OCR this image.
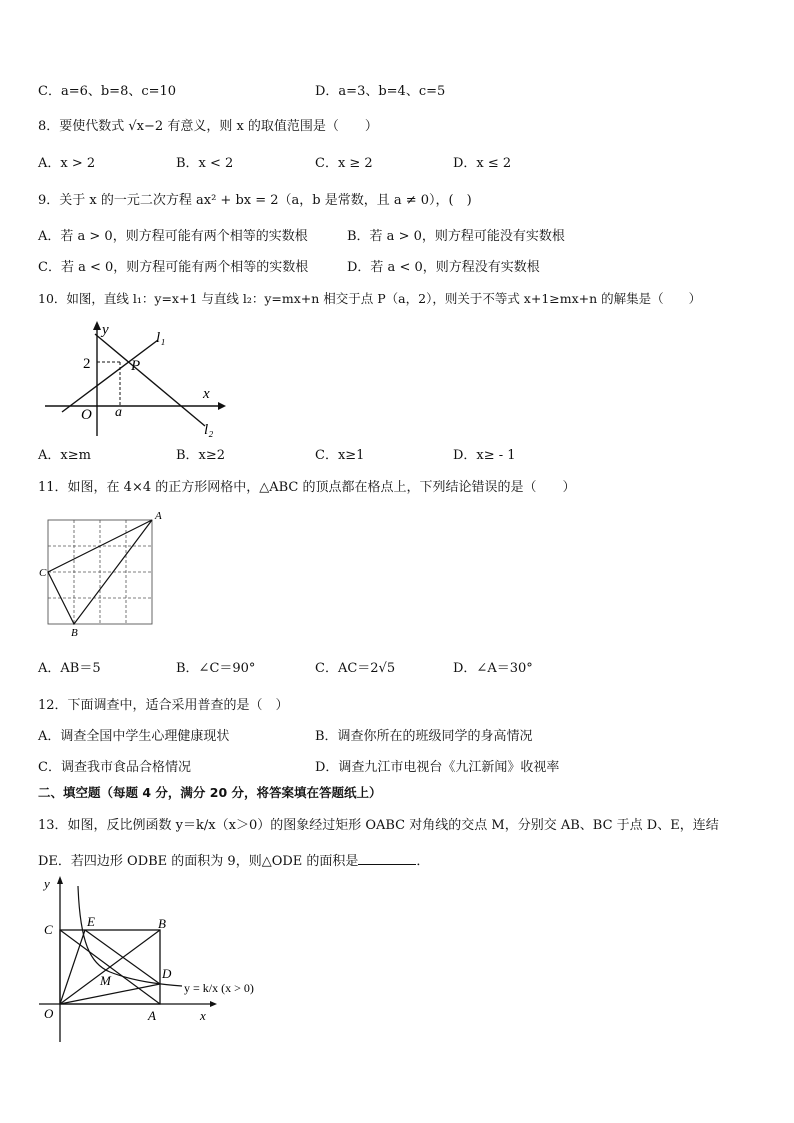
C．a=6、b=8、c=10	D．a=3、b=4、c=5
8．要使代数式 √x−2 有意义，则 x 的取值范围是（　　）
A．x > 2	B．x < 2	C．x ≥ 2	D．x ≤ 2
9．关于 x 的一元二次方程 ax² + bx = 2（a，b 是常数，且 a ≠ 0），(　)
A．若 a > 0，则方程可能有两个相等的实数根	B．若 a > 0，则方程可能没有实数根
C．若 a < 0，则方程可能有两个相等的实数根	D．若 a < 0，则方程没有实数根
10．如图，直线 l₁：y=x+1 与直线 l₂：y=mx+n 相交于点 P（a，2），则关于不等式 x+1≥mx+n 的解集是（　　）
y
x
O
2
a
P
l₁
l₂
A．x≥m	B．x≥2	C．x≥1	D．x≥ - 1
11．如图，在 4×4 的正方形网格中，△ABC 的顶点都在格点上，下列结论错误的是（　　）
A
B
C
A．AB＝5	B．∠C＝90°	C．AC＝2√5	D．∠A＝30°
12．下面调查中，适合采用普查的是（　）
A．调查全国中学生心理健康现状	B．调查你所在的班级同学的身高情况
C．调查我市食品合格情况	D．调查九江市电视台《九江新闻》收视率
二、填空题（每题 4 分，满分 20 分，将答案填在答题纸上）
13．如图，反比例函数 y＝k/x（x＞0）的图象经过矩形 OABC 对角线的交点 M，分别交 AB、BC 于点 D、E，连结
DE．若四边形 ODBE 的面积为 9，则△ODE 的面积是	．
y
x
O	A
B
C
D
E
M	y = k/x (x > 0)
